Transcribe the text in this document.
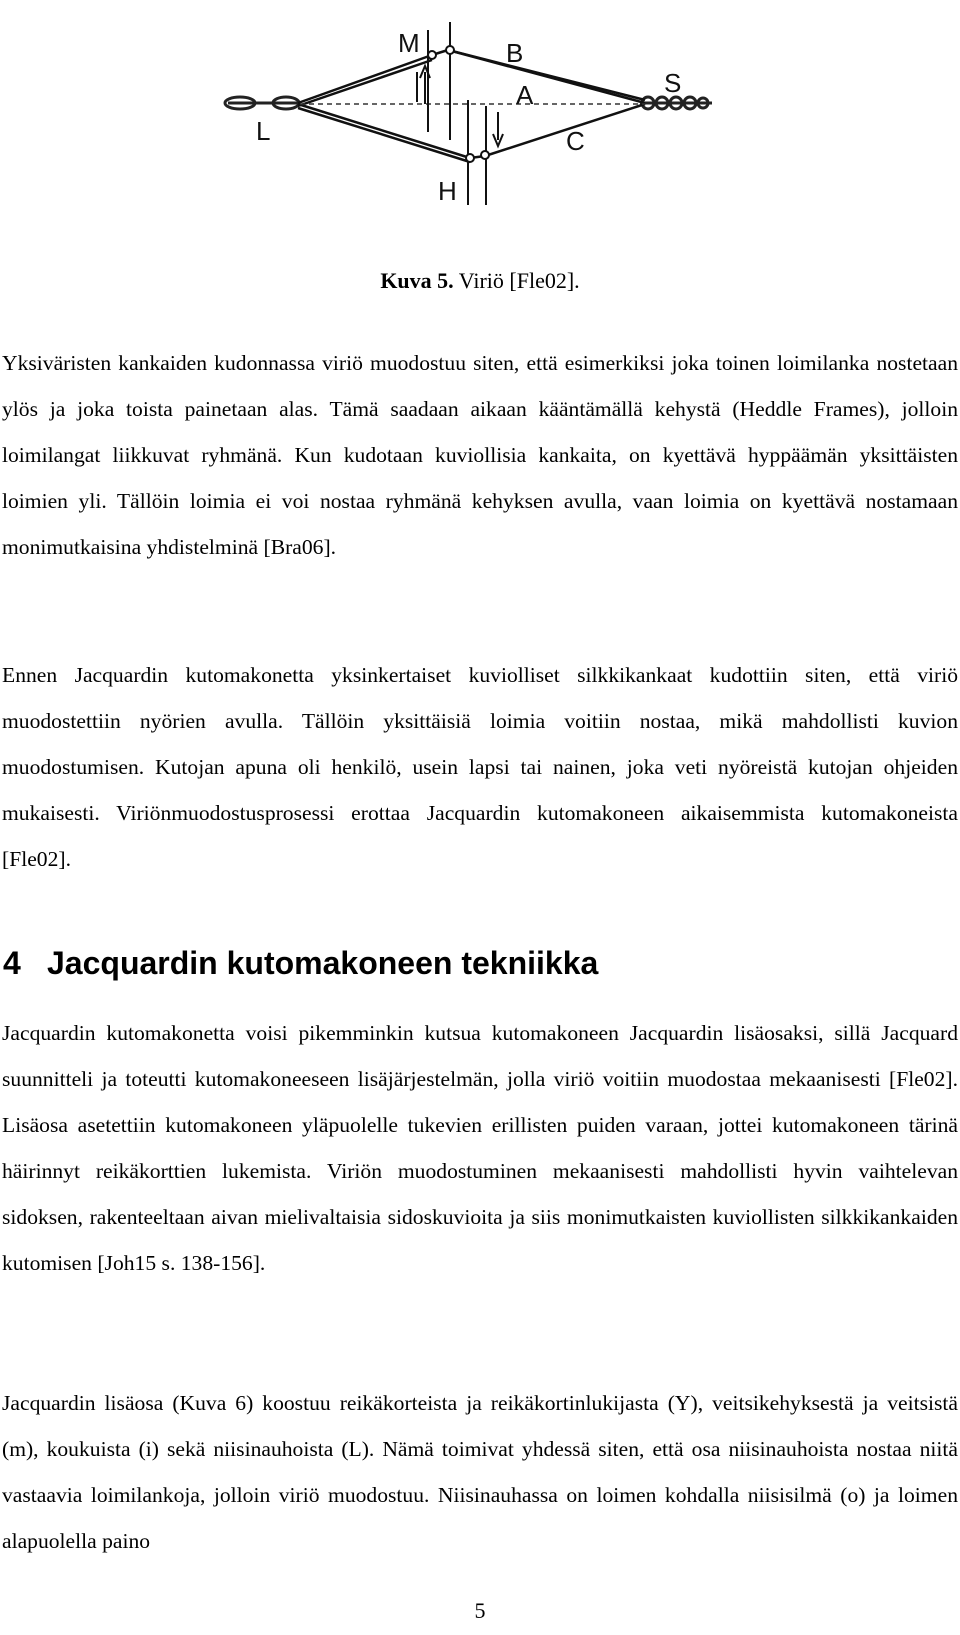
M	B
S
A
L	C
H
Kuva 5. Viriö [Fle02].

Yksiväristen kankaiden kudonnassa viriö muodostuu siten, että esimerkiksi joka toinen loimilanka nostetaan ylös ja joka toista painetaan alas. Tämä saadaan aikaan kääntämällä kehystä (Heddle Frames), jolloin loimilangat liikkuvat ryhmänä. Kun kudotaan kuviollisia kankaita, on kyettävä hyppäämän yksittäisten loimien yli. Tällöin loimia ei voi nostaa ryhmänä kehyksen avulla, vaan loimia on kyettävä nostamaan monimutkaisina yhdistelminä [Bra06].

Ennen Jacquardin kutomakonetta yksinkertaiset kuviolliset silkkikankaat kudottiin siten, että viriö muodostettiin nyörien avulla. Tällöin yksittäisiä loimia voitiin nostaa, mikä mahdollisti kuvion muodostumisen. Kutojan apuna oli henkilö, usein lapsi tai nainen, joka veti nyöreistä kutojan ohjeiden mukaisesti. Viriönmuodostusprosessi erottaa Jacquardin kutomakoneen aikaisemmista kutomakoneista [Fle02].

4 Jacquardin kutomakoneen tekniikka

Jacquardin kutomakonetta voisi pikemminkin kutsua kutomakoneen Jacquardin lisäosaksi, sillä Jacquard suunnitteli ja toteutti kutomakoneeseen lisäjärjestelmän, jolla viriö voitiin muodostaa mekaanisesti [Fle02]. Lisäosa asetettiin kutomakoneen yläpuolelle tukevien erillisten puiden varaan, jottei kutomakoneen tärinä häirinnyt reikäkorttien lukemista. Viriön muodostuminen mekaanisesti mahdollisti hyvin vaihtelevan sidoksen, rakenteeltaan aivan mielivaltaisia sidoskuvioita ja siis monimutkaisten kuviollisten silkkikankaiden kutomisen [Joh15 s. 138-156].

Jacquardin lisäosa (Kuva 6) koostuu reikäkorteista ja reikäkortinlukijasta (Y), veitsikehyksestä ja veitsistä (m), koukuista (i) sekä niisinauhoista (L). Nämä toimivat yhdessä siten, että osa niisinauhoista nostaa niitä vastaavia loimilankoja, jolloin viriö muodostuu. Niisinauhassa on loimen kohdalla niisisilmä (o) ja loimen alapuolella paino

5
